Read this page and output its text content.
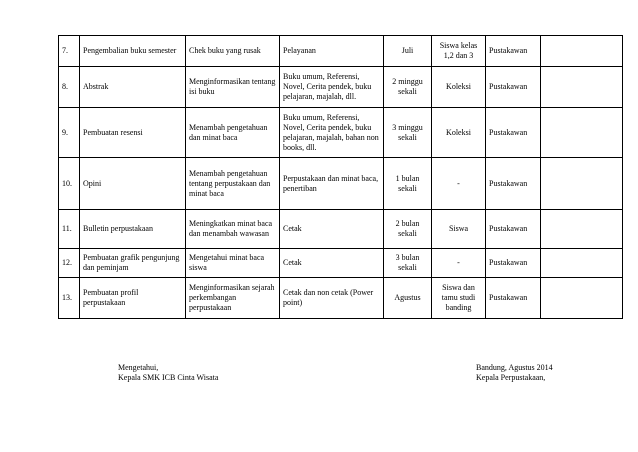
7.	Pengembalian buku semester	Chek buku yang rusak	Pelayanan	Juli	Siswa kelas 1,2 dan 3	Pustakawan	
8.	Abstrak	Menginformasikan tentang isi buku	Buku umum, Referensi, Novel, Cerita pendek, buku pelajaran, majalah, dll.	2 minggu sekali	Koleksi	Pustakawan	
9.	Pembuatan resensi	Menambah pengetahuan dan minat baca	Buku umum, Referensi, Novel, Cerita pendek, buku pelajaran, majalah, bahan non books, dll.	3 minggu sekali	Koleksi	Pustakawan	
10.	Opini	Menambah pengetahuan tentang perpustakaan dan minat baca	Perpustakaan dan minat baca, penertiban	1 bulan sekali	-	Pustakawan	
11.	Bulletin perpustakaan	Meningkatkan minat baca dan menambah wawasan	Cetak	2 bulan sekali	Siswa	Pustakawan	
12.	Pembuatan grafik pengunjung dan peminjam	Mengetahui minat baca siswa	Cetak	3 bulan sekali	-	Pustakawan	
13.	Pembuatan profil perpustakaan	Menginformasikan sejarah perkembangan perpustakaan	Cetak dan non cetak (Power point)	Agustus	Siswa dan tamu studi banding	Pustakawan	
Mengetahui,
Kepala SMK ICB Cinta Wisata
Bandung, Agustus 2014
Kepala Perpustakaan,
